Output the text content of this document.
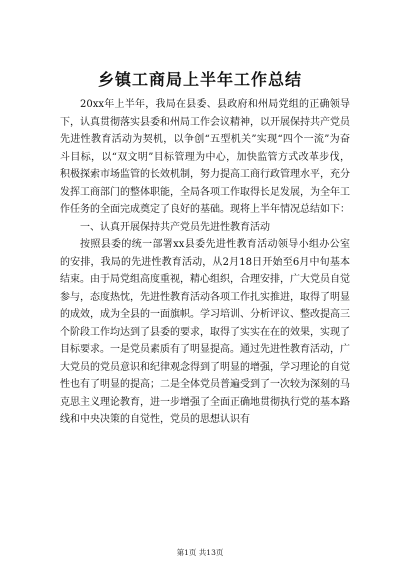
乡镇工商局上半年工作总结

20xx年上半年，我局在县委、县政府和州局党组的正确领导下，认真贯彻落实县委和州局工作会议精神，以开展保持共产党员先进性教育活动为契机，以争创“五型机关”实现“四个一流”为奋斗目标，以“双文明”目标管理为中心，加快监管方式改革步伐，积极探索市场监管的长效机制，努力提高工商行政管理水平，充分发挥工商部门的整体职能，全局各项工作取得长足发展，为全年工作任务的全面完成奠定了良好的基础。现将上半年情况总结如下：

一、认真开展保持共产党员先进性教育活动

按照县委的统一部署xx县委先进性教育活动领导小组办公室的安排，我局的先进性教育活动，从2月18日开始至6月中旬基本结束。由于局党组高度重视，精心组织，合理安排，广大党员自觉参与，态度热忱，先进性教育活动各项工作扎实推进，取得了明显的成效，成为全县的一面旗帜。学习培训、分析评议、整改提高三个阶段工作均达到了县委的要求，取得了实实在在的效果，实现了目标要求。一是党员素质有了明显提高。通过先进性教育活动，广大党员的党员意识和纪律观念得到了明显的增强，学习理论的自觉性也有了明显的提高；二是全体党员普遍受到了一次较为深刻的马克思主义理论教育，进一步增强了全面正确地贯彻执行党的基本路线和中央决策的自觉性，党员的思想认识有

第1页 共13页
